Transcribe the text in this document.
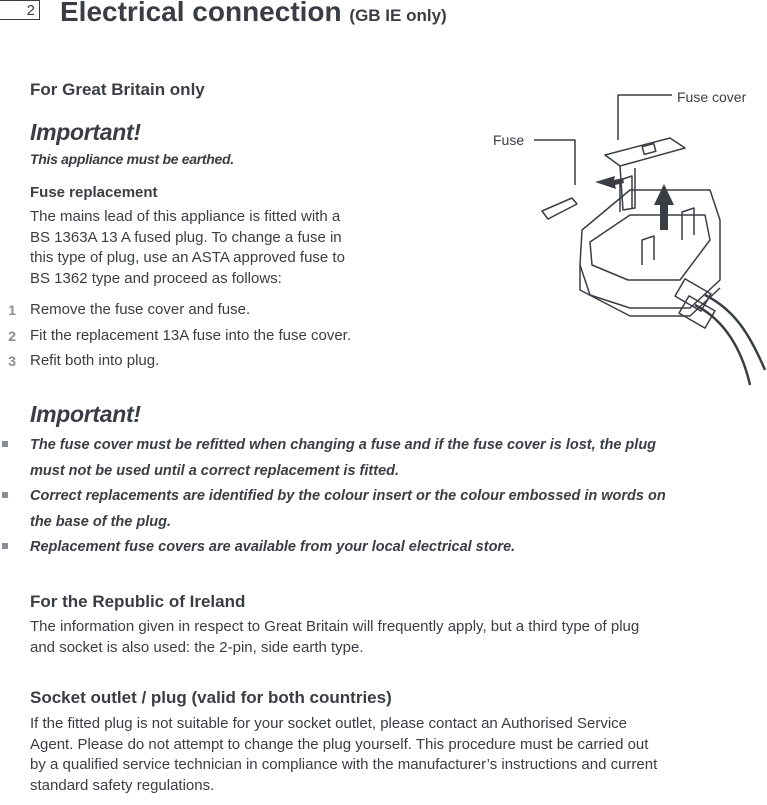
2 Electrical connection (GB IE only)
For Great Britain only
Important!
This appliance must be earthed.
Fuse replacement
The mains lead of this appliance is fitted with a
BS 1363A 13 A fused plug. To change a fuse in
this type of plug, use an ASTA approved fuse to
BS 1362 type and proceed as follows:
1 Remove the fuse cover and fuse.
2 Fit the replacement 13A fuse into the fuse cover.
3 Refit both into plug.
Fuse cover
Fuse
Important!
The fuse cover must be refitted when changing a fuse and if the fuse cover is lost, the plug
must not be used until a correct replacement is fitted.
Correct replacements are identified by the colour insert or the colour embossed in words on
the base of the plug.
Replacement fuse covers are available from your local electrical store.
For the Republic of Ireland
The information given in respect to Great Britain will frequently apply, but a third type of plug
and socket is also used: the 2-pin, side earth type.
Socket outlet / plug (valid for both countries)
If the fitted plug is not suitable for your socket outlet, please contact an Authorised Service
Agent. Please do not attempt to change the plug yourself. This procedure must be carried out
by a qualified service technician in compliance with the manufacturer’s instructions and current
standard safety regulations.
